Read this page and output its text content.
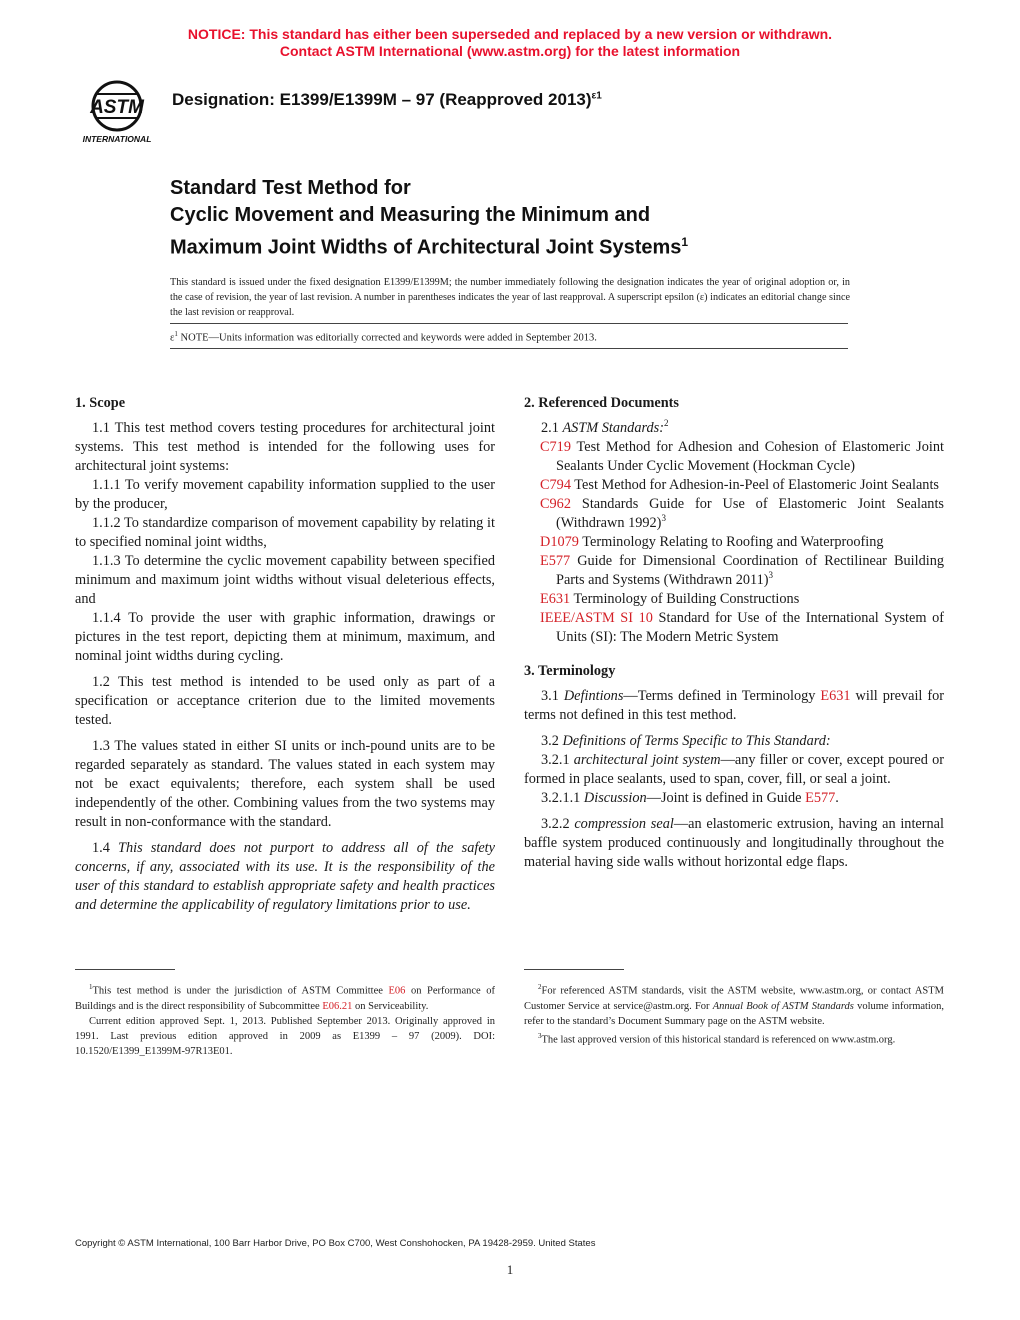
NOTICE: This standard has either been superseded and replaced by a new version or withdrawn.
Contact ASTM International (www.astm.org) for the latest information
ASTM
INTERNATIONAL
Designation: E1399/E1399M – 97 (Reapproved 2013)$^{\varepsilon 1}$
Standard Test Method for
Cyclic Movement and Measuring the Minimum and
Maximum Joint Widths of Architectural Joint Systems$^1$
This standard is issued under the fixed designation E1399/E1399M; the number immediately following the designation indicates the year of original adoption or, in the case of revision, the year of last revision. A number in parentheses indicates the year of last reapproval. A superscript epsilon (ε) indicates an editorial change since the last revision or reapproval.
$\varepsilon^1$ NOTE—Units information was editorially corrected and keywords were added in September 2013.
1. Scope

1.1 This test method covers testing procedures for architectural joint systems. This test method is intended for the following uses for architectural joint systems:

1.1.1 To verify movement capability information supplied to the user by the producer,

1.1.2 To standardize comparison of movement capability by relating it to specified nominal joint widths,

1.1.3 To determine the cyclic movement capability between specified minimum and maximum joint widths without visual deleterious effects, and

1.1.4 To provide the user with graphic information, drawings or pictures in the test report, depicting them at minimum, maximum, and nominal joint widths during cycling.

1.2 This test method is intended to be used only as part of a specification or acceptance criterion due to the limited movements tested.

1.3 The values stated in either SI units or inch-pound units are to be regarded separately as standard. The values stated in each system may not be exact equivalents; therefore, each system shall be used independently of the other. Combining values from the two systems may result in non-conformance with the standard.

1.4 This standard does not purport to address all of the safety concerns, if any, associated with its use. It is the responsibility of the user of this standard to establish appropriate safety and health practices and determine the applicability of regulatory limitations prior to use.

2. Referenced Documents

2.1 ASTM Standards:$^2$

C719 Test Method for Adhesion and Cohesion of Elastomeric Joint Sealants Under Cyclic Movement (Hockman Cycle)

C794 Test Method for Adhesion-in-Peel of Elastomeric Joint Sealants

C962 Standards Guide for Use of Elastomeric Joint Sealants (Withdrawn 1992)$^3$

D1079 Terminology Relating to Roofing and Waterproofing

E577 Guide for Dimensional Coordination of Rectilinear Building Parts and Systems (Withdrawn 2011)$^3$

E631 Terminology of Building Constructions

IEEE/ASTM SI 10 Standard for Use of the International System of Units (SI): The Modern Metric System

3. Terminology

3.1 Defintions—Terms defined in Terminology E631 will prevail for terms not defined in this test method.

3.2 Definitions of Terms Specific to This Standard:

3.2.1 architectural joint system—any filler or cover, except poured or formed in place sealants, used to span, cover, fill, or seal a joint.

3.2.1.1 Discussion—Joint is defined in Guide E577.

3.2.2 compression seal—an elastomeric extrusion, having an internal baffle system produced continuously and longitudinally throughout the material having side walls without horizontal edge flaps.

$^1$This test method is under the jurisdiction of ASTM Committee E06 on Performance of Buildings and is the direct responsibility of Subcommittee E06.21 on Serviceability.

Current edition approved Sept. 1, 2013. Published September 2013. Originally approved in 1991. Last previous edition approved in 2009 as E1399 – 97 (2009). DOI: 10.1520/E1399_E1399M-97R13E01.

$^2$For referenced ASTM standards, visit the ASTM website, www.astm.org, or contact ASTM Customer Service at service@astm.org. For Annual Book of ASTM Standards volume information, refer to the standard’s Document Summary page on the ASTM website.

$^3$The last approved version of this historical standard is referenced on www.astm.org.

Copyright © ASTM International, 100 Barr Harbor Drive, PO Box C700, West Conshohocken, PA 19428-2959. United States
1
